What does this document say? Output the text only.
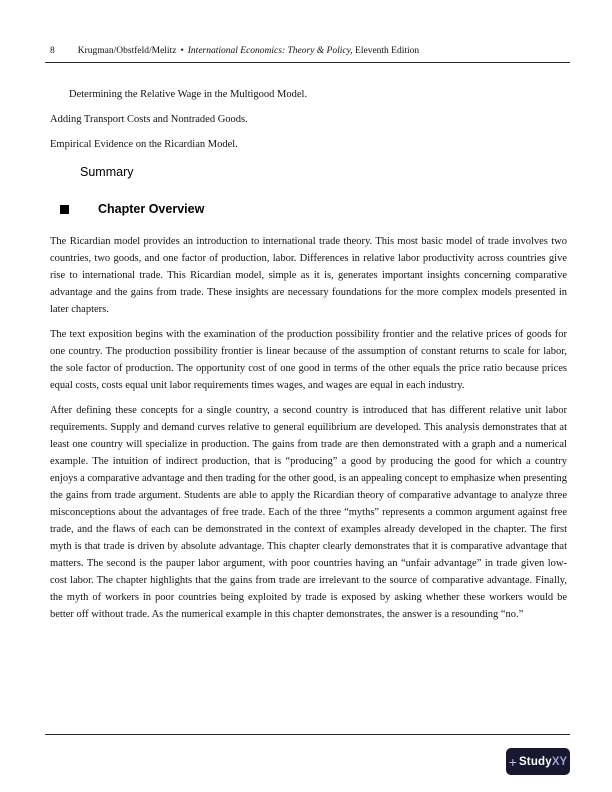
8 Krugman/Obstfeld/Melitz • International Economics: Theory & Policy, Eleventh Edition
Determining the Relative Wage in the Multigood Model.
Adding Transport Costs and Nontraded Goods.
Empirical Evidence on the Ricardian Model.
Summary
Chapter Overview

The Ricardian model provides an introduction to international trade theory. This most basic model of trade involves two countries, two goods, and one factor of production, labor. Differences in relative labor productivity across countries give rise to international trade. This Ricardian model, simple as it is, generates important insights concerning comparative advantage and the gains from trade. These insights are necessary foundations for the more complex models presented in later chapters.

The text exposition begins with the examination of the production possibility frontier and the relative prices of goods for one country. The production possibility frontier is linear because of the assumption of constant returns to scale for labor, the sole factor of production. The opportunity cost of one good in terms of the other equals the price ratio because prices equal costs, costs equal unit labor requirements times wages, and wages are equal in each industry.

After defining these concepts for a single country, a second country is introduced that has different relative unit labor requirements. Supply and demand curves relative to general equilibrium are developed. This analysis demonstrates that at least one country will specialize in production. The gains from trade are then demonstrated with a graph and a numerical example. The intuition of indirect production, that is “producing” a good by producing the good for which a country enjoys a comparative advantage and then trading for the other good, is an appealing concept to emphasize when presenting the gains from trade argument. Students are able to apply the Ricardian theory of comparative advantage to analyze three misconceptions about the advantages of free trade. Each of the three “myths” represents a common argument against free trade, and the flaws of each can be demonstrated in the context of examples already developed in the chapter. The first myth is that trade is driven by absolute advantage. This chapter clearly demonstrates that it is comparative advantage that matters. The second is the pauper labor argument, with poor countries having an “unfair advantage” in trade given low-cost labor. The chapter highlights that the gains from trade are irrelevant to the source of comparative advantage. Finally, the myth of workers in poor countries being exploited by trade is exposed by asking whether these workers would be better off without trade. As the numerical example in this chapter demonstrates, the answer is a resounding “no.”

+ Study XY
